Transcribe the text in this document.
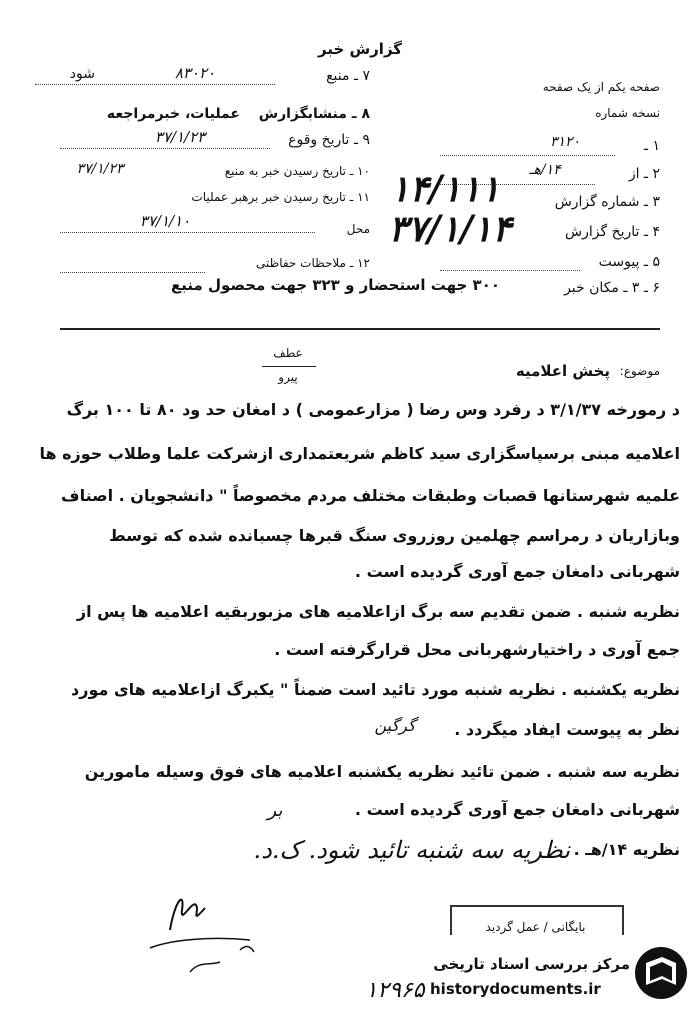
گزارش خبر
۷ ـ منبع
۸۳۰۲۰
شود
۸ ـ منشابگزارش
عملیات، خبرمراجعه
۹ ـ تاریخ وقوع
۳۷/۱/۲۳
۱۰ ـ تاریخ رسیدن خبر به منبع
۳۷/۱/۲۳
۱۱ ـ تاریخ رسیدن خبر برهبر عملیات
محل
۳۷/۱/۱۰
۱۲ ـ ملاحظات حفاظتی
صفحه یکم از یک صفحه
نسخه شماره
۱ ـ
۳۱۲۰
۲ ـ از
۱۴/هـ
۳ ـ شماره گزارش
۱۴/۱۱۱
۴ ـ تاریخ گزارش
۳۷/۱/۱۴
۵ ـ پیوست
۶ ـ ۳ ـ مکان خبر
۳۰۰ جهت استحضار و ۳۲۳ جهت محصول منبع
عطف
پیرو	موضوع:
پخش اعلامیه
د رمورخه ۳/۱/۳۷ د رفرد وس رضا ( مزارعمومی ) د امغان حد ود ۸۰ تا ۱۰۰ برگ
اعلامیه مبنی برسپاسگزاری سید کاظم شریعتمداری ازشرکت علما وطلاب حوزه ها
علمیه شهرستانها قصبات وطبقات مختلف مردم مخصوصاً " دانشجویان . اصناف
وبازاریان د رمراسم چهلمین روزروی سنگ قبرها چسبانده شده که توسط
شهربانی دامغان جمع آوری گردیده است .
نظریه شنبه . ضمن تقدیم سه برگ ازاعلامیه های مزبوربقیه اعلامیه ها پس از
جمع آوری د راختیارشهربانی محل قرارگرفته است .
نظریه یکشنبه . نظریه شنبه مورد تائید است ضمناً " یکبرگ ازاعلامیه های مورد
نظر به پیوست ایفاد میگردد .
نظریه سه شنبه . ضمن تائید نظریه یکشنبه اعلامیه های فوق وسیله مامورین
شهربانی دامغان جمع آوری گردیده است .
نظریه ۱۴/هـ .
گرگین
بر
نظریه سه شنبه تائید شود. ک.د.
بایگانی / عمل گردید
۱۲۹۶۵
مرکز بررسی اسناد تاریخی
historydocuments.ir
